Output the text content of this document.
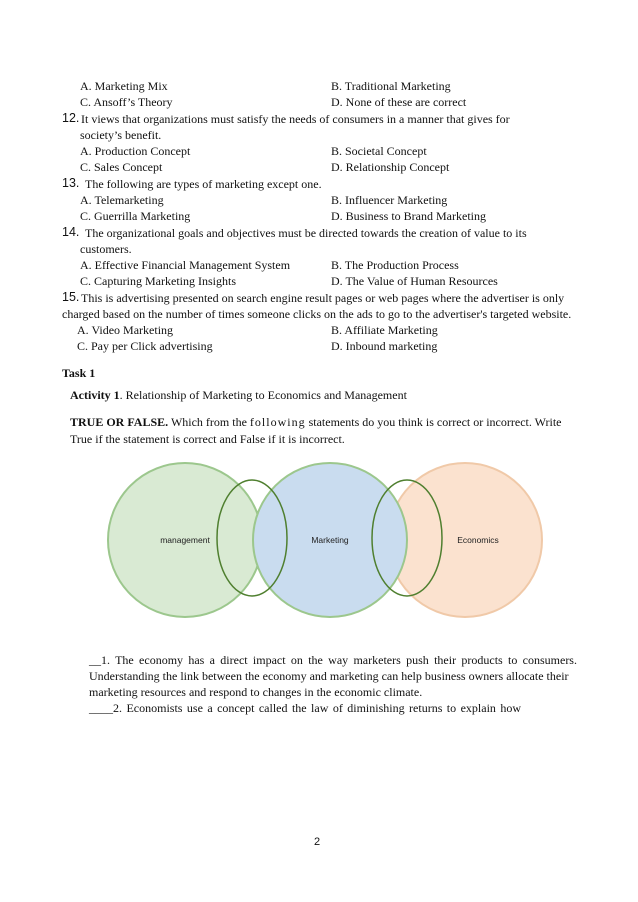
A. Marketing Mix	B. Traditional Marketing
C. Ansoff’s Theory	D. None of these are correct
12. It views that organizations must satisfy the needs of consumers in a manner that gives for
society’s benefit.
A. Production Concept	B. Societal Concept
C. Sales Concept	D. Relationship Concept
13. The following are types of marketing except one.
A. Telemarketing	B. Influencer Marketing
C. Guerrilla Marketing	D. Business to Brand Marketing
14. The organizational goals and objectives must be directed towards the creation of value to its
customers.
A. Effective Financial Management System	B. The Production Process
C. Capturing Marketing Insights	D. The Value of Human Resources
15. This is advertising presented on search engine result pages or web pages where the advertiser is only
charged based on the number of times someone clicks on the ads to go to the advertiser's targeted website.
A. Video Marketing	B. Affiliate Marketing
C. Pay per Click advertising	D. Inbound marketing
Task 1
Activity 1. Relationship of Marketing to Economics and Management
TRUE OR FALSE. Which from the following statements do you think is correct or incorrect. Write
True if the statement is correct and False if it is incorrect.
management	Marketing	Economics
__1. The economy has a direct impact on the way marketers push their products to consumers.
Understanding the link between the economy and marketing can help business owners allocate their
marketing resources and respond to changes in the economic climate.
____2. Economists use a concept called the law of diminishing returns to explain how
2
